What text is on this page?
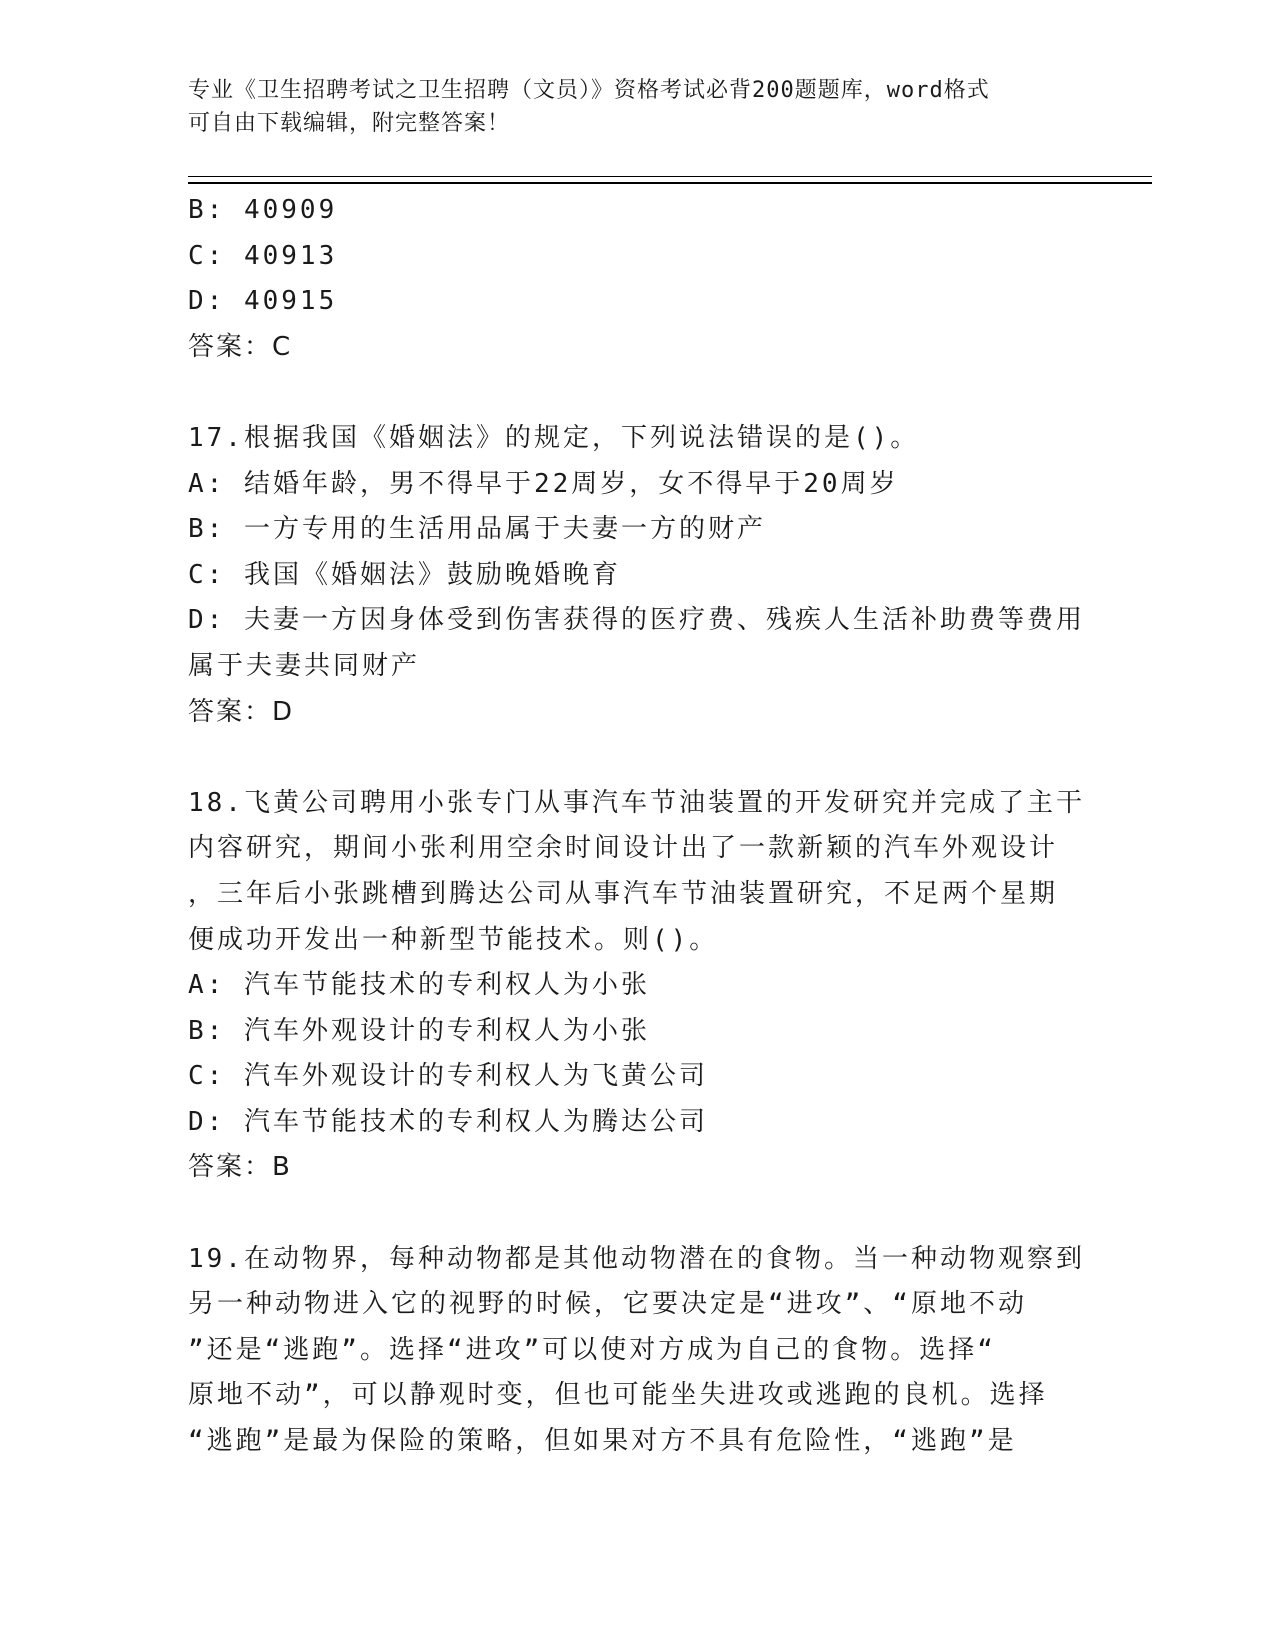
专业《卫生招聘考试之卫生招聘（文员）》资格考试必背200题题库，word格式
可自由下载编辑，附完整答案！
B: 40909
C: 40913
D: 40915
答案：C
17.根据我国《婚姻法》的规定，下列说法错误的是()。
A: 结婚年龄，男不得早于22周岁，女不得早于20周岁
B: 一方专用的生活用品属于夫妻一方的财产
C: 我国《婚姻法》鼓励晚婚晚育
D: 夫妻一方因身体受到伤害获得的医疗费、残疾人生活补助费等费用
属于夫妻共同财产
答案：D
18.飞黄公司聘用小张专门从事汽车节油装置的开发研究并完成了主干
内容研究，期间小张利用空余时间设计出了一款新颖的汽车外观设计
，三年后小张跳槽到腾达公司从事汽车节油装置研究，不足两个星期
便成功开发出一种新型节能技术。则()。
A: 汽车节能技术的专利权人为小张
B: 汽车外观设计的专利权人为小张
C: 汽车外观设计的专利权人为飞黄公司
D: 汽车节能技术的专利权人为腾达公司
答案：B
19.在动物界，每种动物都是其他动物潜在的食物。当一种动物观察到
另一种动物进入它的视野的时候，它要决定是“进攻”、“原地不动
”还是“逃跑”。选择“进攻”可以使对方成为自己的食物。选择“
原地不动”，可以静观时变，但也可能坐失进攻或逃跑的良机。选择
“逃跑”是最为保险的策略，但如果对方不具有危险性，“逃跑”是
